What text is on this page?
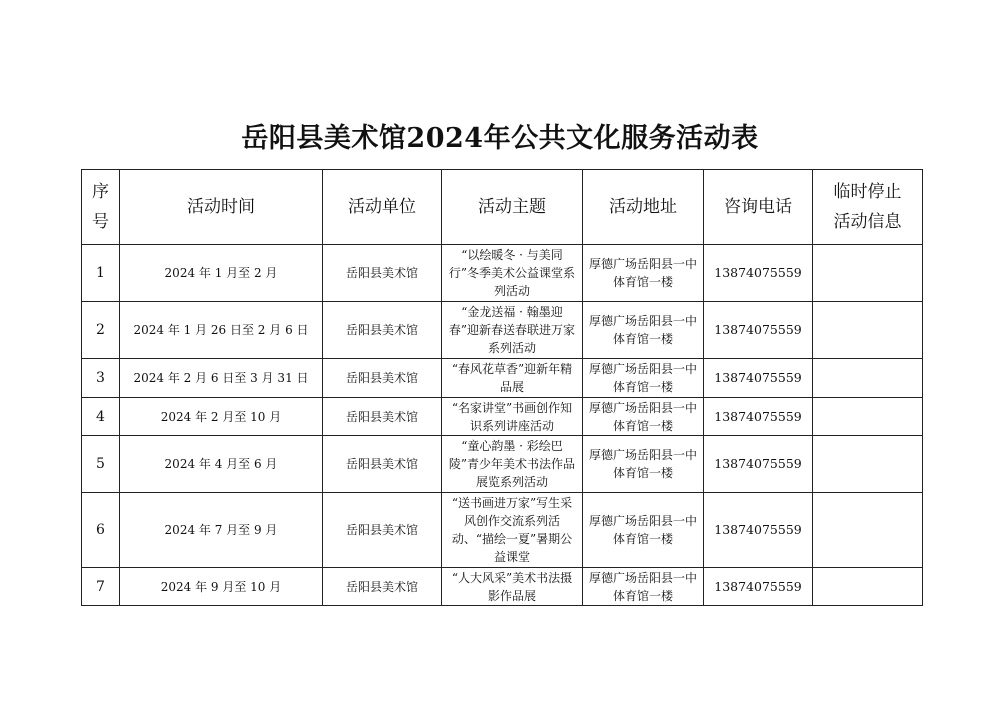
岳阳县美术馆2024年公共文化服务活动表
序
号	活动时间	活动单位	活动主题	活动地址	咨询电话	临时停止
活动信息
1	2024 年 1 月至 2 月	岳阳县美术馆	“以绘暖冬 · 与美同行”冬季美术公益课堂系列活动	厚德广场岳阳县一中体育馆一楼	13874075559	
2	2024 年 1 月 26 日至 2 月 6 日	岳阳县美术馆	“金龙送福 · 翰墨迎春”迎新春送春联进万家系列活动	厚德广场岳阳县一中体育馆一楼	13874075559	
3	2024 年 2 月 6 日至 3 月 31 日	岳阳县美术馆	“春风花草香”迎新年精品展	厚德广场岳阳县一中体育馆一楼	13874075559	
4	2024 年 2 月至 10 月	岳阳县美术馆	“名家讲堂”书画创作知识系列讲座活动	厚德广场岳阳县一中体育馆一楼	13874075559	
5	2024 年 4 月至 6 月	岳阳县美术馆	“童心韵墨 · 彩绘巴陵”青少年美术书法作品展览系列活动	厚德广场岳阳县一中体育馆一楼	13874075559	
6	2024 年 7 月至 9 月	岳阳县美术馆	“送书画进万家”写生采风创作交流系列活动、“描绘一夏”暑期公益课堂	厚德广场岳阳县一中体育馆一楼	13874075559	
7	2024 年 9 月至 10 月	岳阳县美术馆	“人大风采”美术书法摄影作品展	厚德广场岳阳县一中体育馆一楼	13874075559	
